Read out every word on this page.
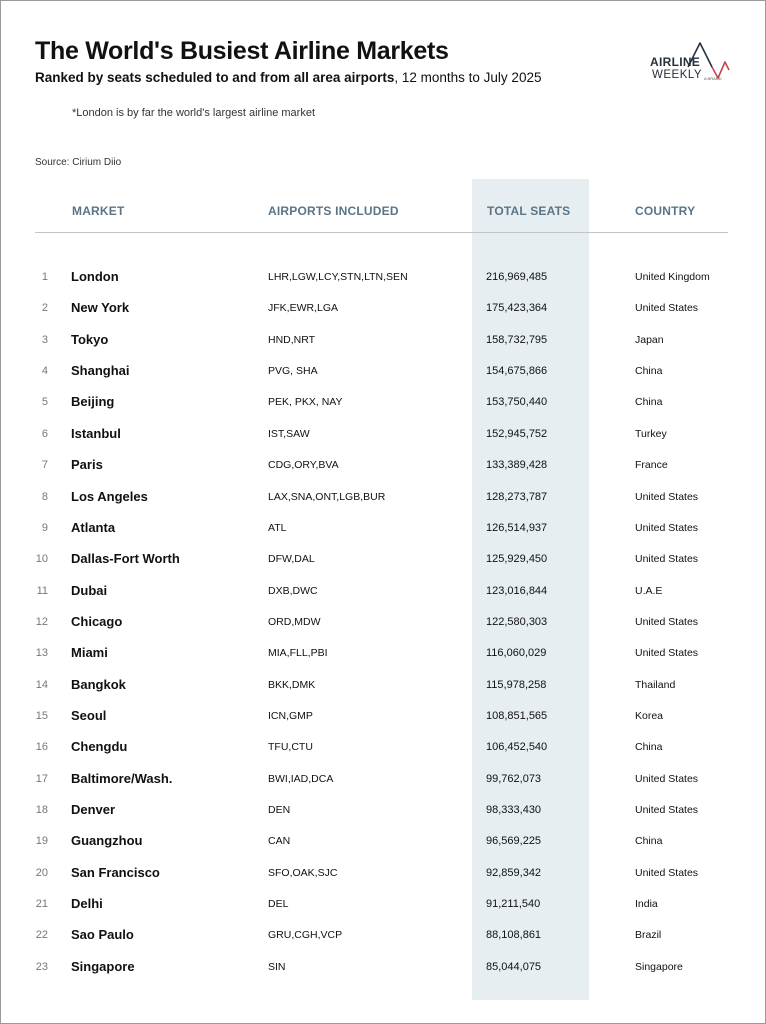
The World's Busiest Airline Markets
Ranked by seats scheduled to and from all area airports, 12 months to July 2025
*London is by far the world's largest airline market
Source: Cirium Diio
AIRLINE
WEEKLY A BRAND
MARKET	AIRPORTS INCLUDED	TOTAL SEATS	COUNTRY
1 London	LHR,LGW,LCY,STN,LTN,SEN	216,969,485	United Kingdom
2 New York	JFK,EWR,LGA	175,423,364	United States
3 Tokyo	HND,NRT	158,732,795	Japan
4 Shanghai	PVG, SHA	154,675,866	China
5 Beijing	PEK, PKX, NAY	153,750,440	China
6 Istanbul	IST,SAW	152,945,752	Turkey
7 Paris	CDG,ORY,BVA	133,389,428	France
8 Los Angeles	LAX,SNA,ONT,LGB,BUR	128,273,787	United States
9 Atlanta	ATL	126,514,937	United States
10 Dallas-Fort Worth	DFW,DAL	125,929,450	United States
11 Dubai	DXB,DWC	123,016,844	U.A.E
12 Chicago	ORD,MDW	122,580,303	United States
13 Miami	MIA,FLL,PBI	116,060,029	United States
14 Bangkok	BKK,DMK	115,978,258	Thailand
15 Seoul	ICN,GMP	108,851,565	Korea
16 Chengdu	TFU,CTU	106,452,540	China
17 Baltimore/Wash.	BWI,IAD,DCA	99,762,073	United States
18 Denver	DEN	98,333,430	United States
19 Guangzhou	CAN	96,569,225	China
20 San Francisco	SFO,OAK,SJC	92,859,342	United States
21 Delhi	DEL	91,211,540	India
22 Sao Paulo	GRU,CGH,VCP	88,108,861	Brazil
23 Singapore	SIN	85,044,075	Singapore
